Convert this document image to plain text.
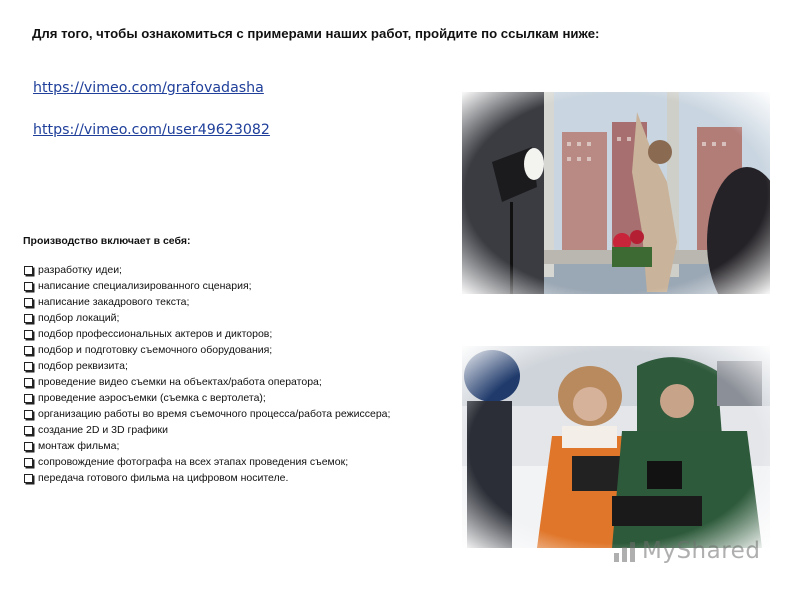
Для того, чтобы ознакомиться с примерами наших работ, пройдите по ссылкам ниже:

https://vimeo.com/grafovadasha
https://vimeo.com/user49623082

Производство включает в себя:

разработку идеи;
написание специализированного сценария;
написание закадрового текста;
подбор локаций;
подбор профессиональных актеров и дикторов;
подбор и подготовку съемочного оборудования;
подбор реквизита;
проведение видео съемки на объектах/работа оператора;
проведение аэросъемки (съемка с вертолета);
организацию работы во время съемочного процесса/работа режиссера;
создание 2D и 3D графики
монтаж фильма;
сопровождение фотографа на всех этапах проведения съемок;
передача готового фильма на цифровом носителе.
MyShared
